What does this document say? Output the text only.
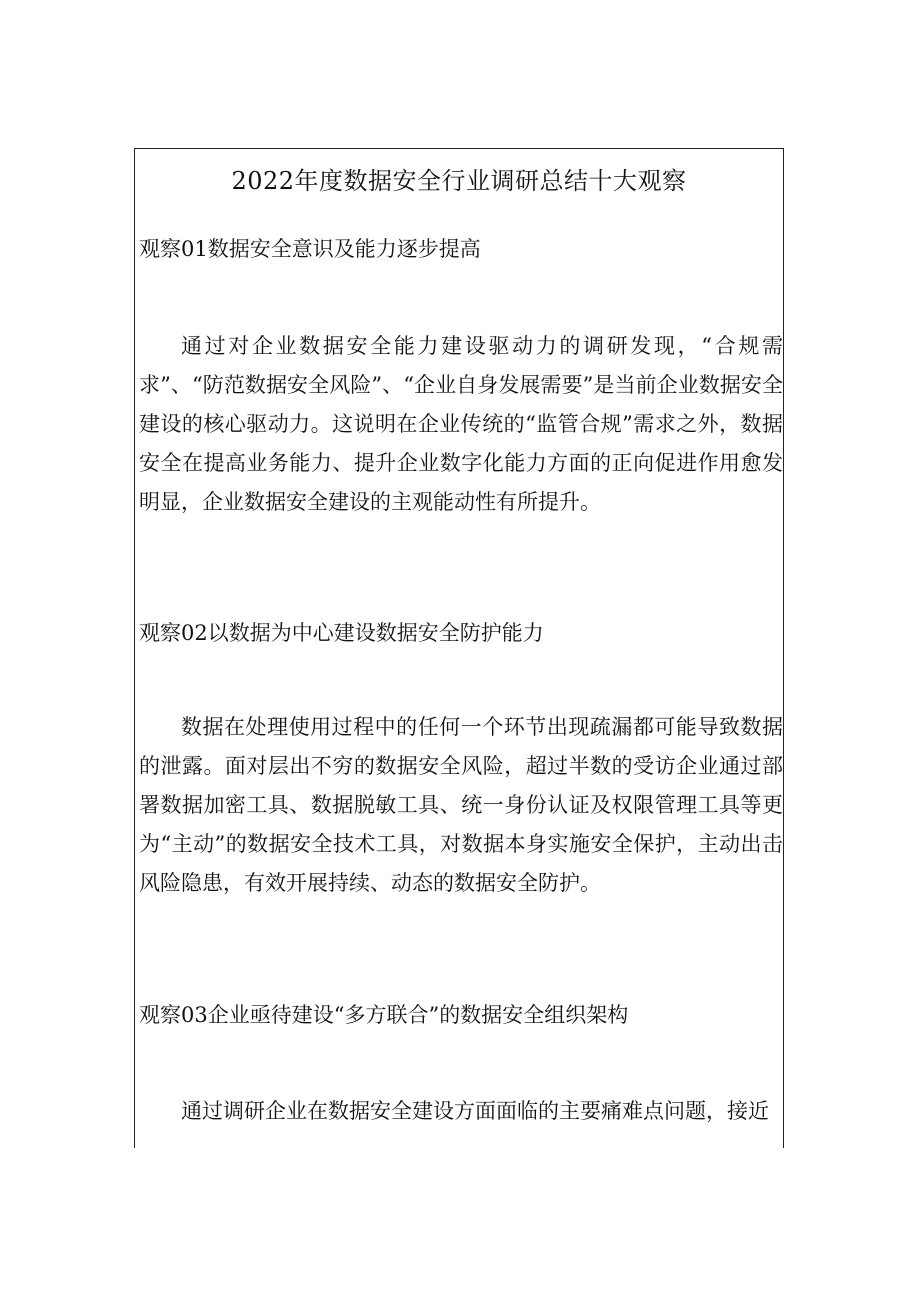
2022年度数据安全行业调研总结十大观察
观察01数据安全意识及能力逐步提高

通过对企业数据安全能力建设驱动力的调研发现，“合规需求”、“防范数据安全风险”、“企业自身发展需要”是当前企业数据安全建设的核心驱动力。这说明在企业传统的“监管合规”需求之外，数据安全在提高业务能力、提升企业数字化能力方面的正向促进作用愈发明显，企业数据安全建设的主观能动性有所提升。

观察02以数据为中心建设数据安全防护能力

数据在处理使用过程中的任何一个环节出现疏漏都可能导致数据的泄露。面对层出不穷的数据安全风险，超过半数的受访企业通过部署数据加密工具、数据脱敏工具、统一身份认证及权限管理工具等更为“主动”的数据安全技术工具，对数据本身实施安全保护，主动出击风险隐患，有效开展持续、动态的数据安全防护。

观察03企业亟待建设“多方联合”的数据安全组织架构

通过调研企业在数据安全建设方面面临的主要痛难点问题，接近
